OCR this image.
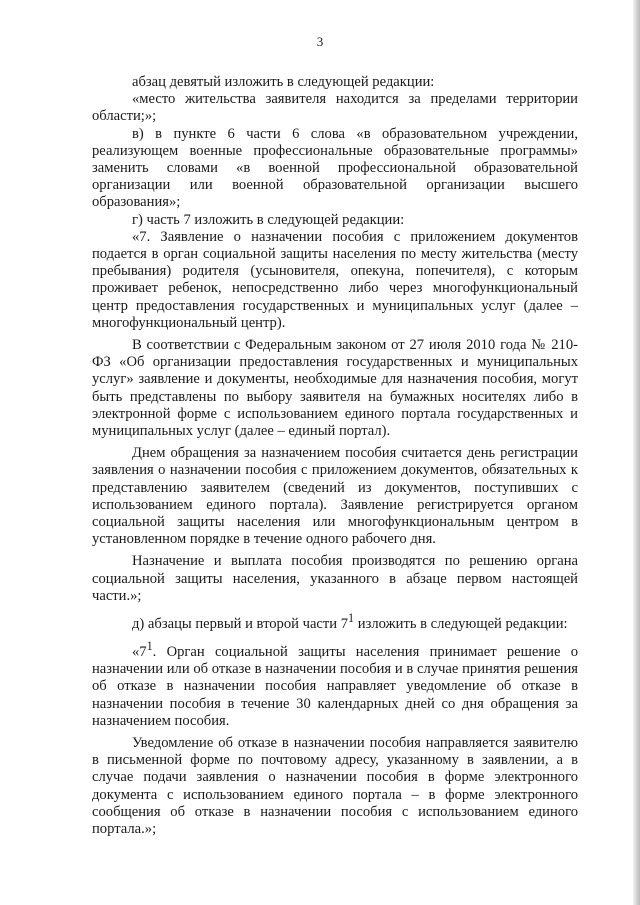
3

абзац девятый изложить в следующей редакции:

«место жительства заявителя находится за пределами территории области;»;

в) в пункте 6 части 6 слова «в образовательном учреждении, реализующем военные профессиональные образовательные программы» заменить словами «в военной профессиональной образовательной организации или военной образовательной организации высшего образования»;

г) часть 7 изложить в следующей редакции:

«7. Заявление о назначении пособия с приложением документов подается в орган социальной защиты населения по месту жительства (месту пребывания) родителя (усыновителя, опекуна, попечителя), с которым проживает ребенок, непосредственно либо через многофункциональный центр предоставления государственных и муниципальных услуг (далее – многофункциональный центр).

В соответствии с Федеральным законом от 27 июля 2010 года № 210-ФЗ «Об организации предоставления государственных и муниципальных услуг» заявление и документы, необходимые для назначения пособия, могут быть представлены по выбору заявителя на бумажных носителях либо в электронной форме с использованием единого портала государственных и муниципальных услуг (далее – единый портал).

Днем обращения за назначением пособия считается день регистрации заявления о назначении пособия с приложением документов, обязательных к представлению заявителем (сведений из документов, поступивших с использованием единого портала). Заявление регистрируется органом социальной защиты населения или многофункциональным центром в установленном порядке в течение одного рабочего дня.

Назначение и выплата пособия производятся по решению органа социальной защиты населения, указанного в абзаце первом настоящей части.»;

д) абзацы первый и второй части $7^1$ изложить в следующей редакции:

«$7^1$. Орган социальной защиты населения принимает решение о назначении или об отказе в назначении пособия и в случае принятия решения об отказе в назначении пособия направляет уведомление об отказе в назначении пособия в течение 30 календарных дней со дня обращения за назначением пособия.

Уведомление об отказе в назначении пособия направляется заявителю в письменной форме по почтовому адресу, указанному в заявлении, а в случае подачи заявления о назначении пособия в форме электронного документа с использованием единого портала – в форме электронного сообщения об отказе в назначении пособия с использованием единого портала.»;
